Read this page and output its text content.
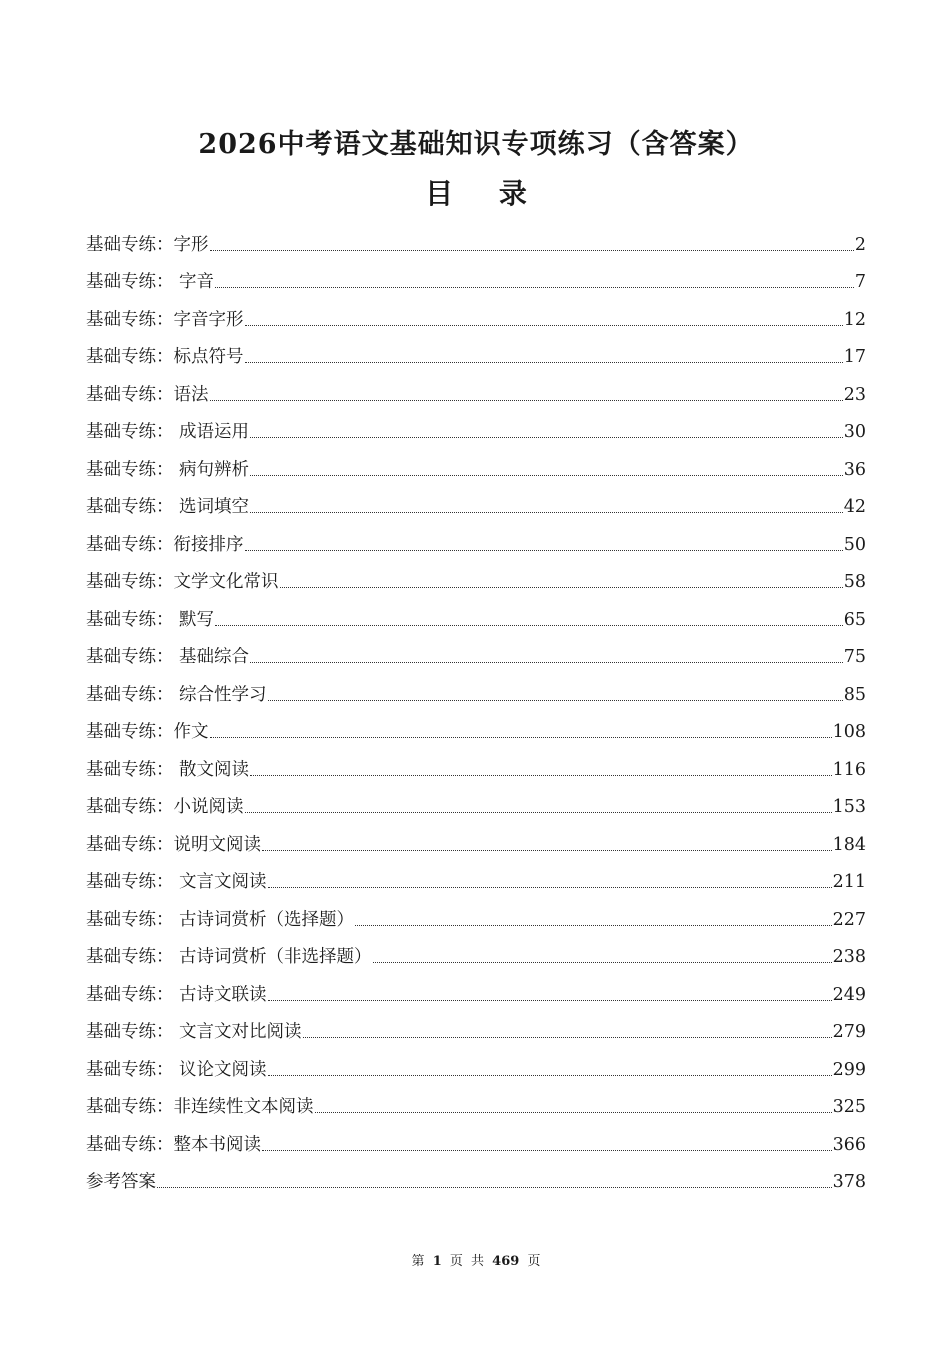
2026中考语文基础知识专项练习（含答案）
目 录
基础专练：字形	2
基础专练： 字音	7
基础专练：字音字形	12
基础专练：标点符号	17
基础专练：语法	23
基础专练： 成语运用	30
基础专练： 病句辨析	36
基础专练： 选词填空	42
基础专练：衔接排序	50
基础专练：文学文化常识	58
基础专练： 默写	65
基础专练： 基础综合	75
基础专练： 综合性学习	85
基础专练：作文	108
基础专练： 散文阅读	116
基础专练：小说阅读	153
基础专练：说明文阅读	184
基础专练： 文言文阅读	211
基础专练： 古诗词赏析（选择题）	227
基础专练： 古诗词赏析（非选择题）	238
基础专练： 古诗文联读	249
基础专练： 文言文对比阅读	279
基础专练： 议论文阅读	299
基础专练：非连续性文本阅读	325
基础专练：整本书阅读	366
参考答案	378
第 1 页 共 469 页
